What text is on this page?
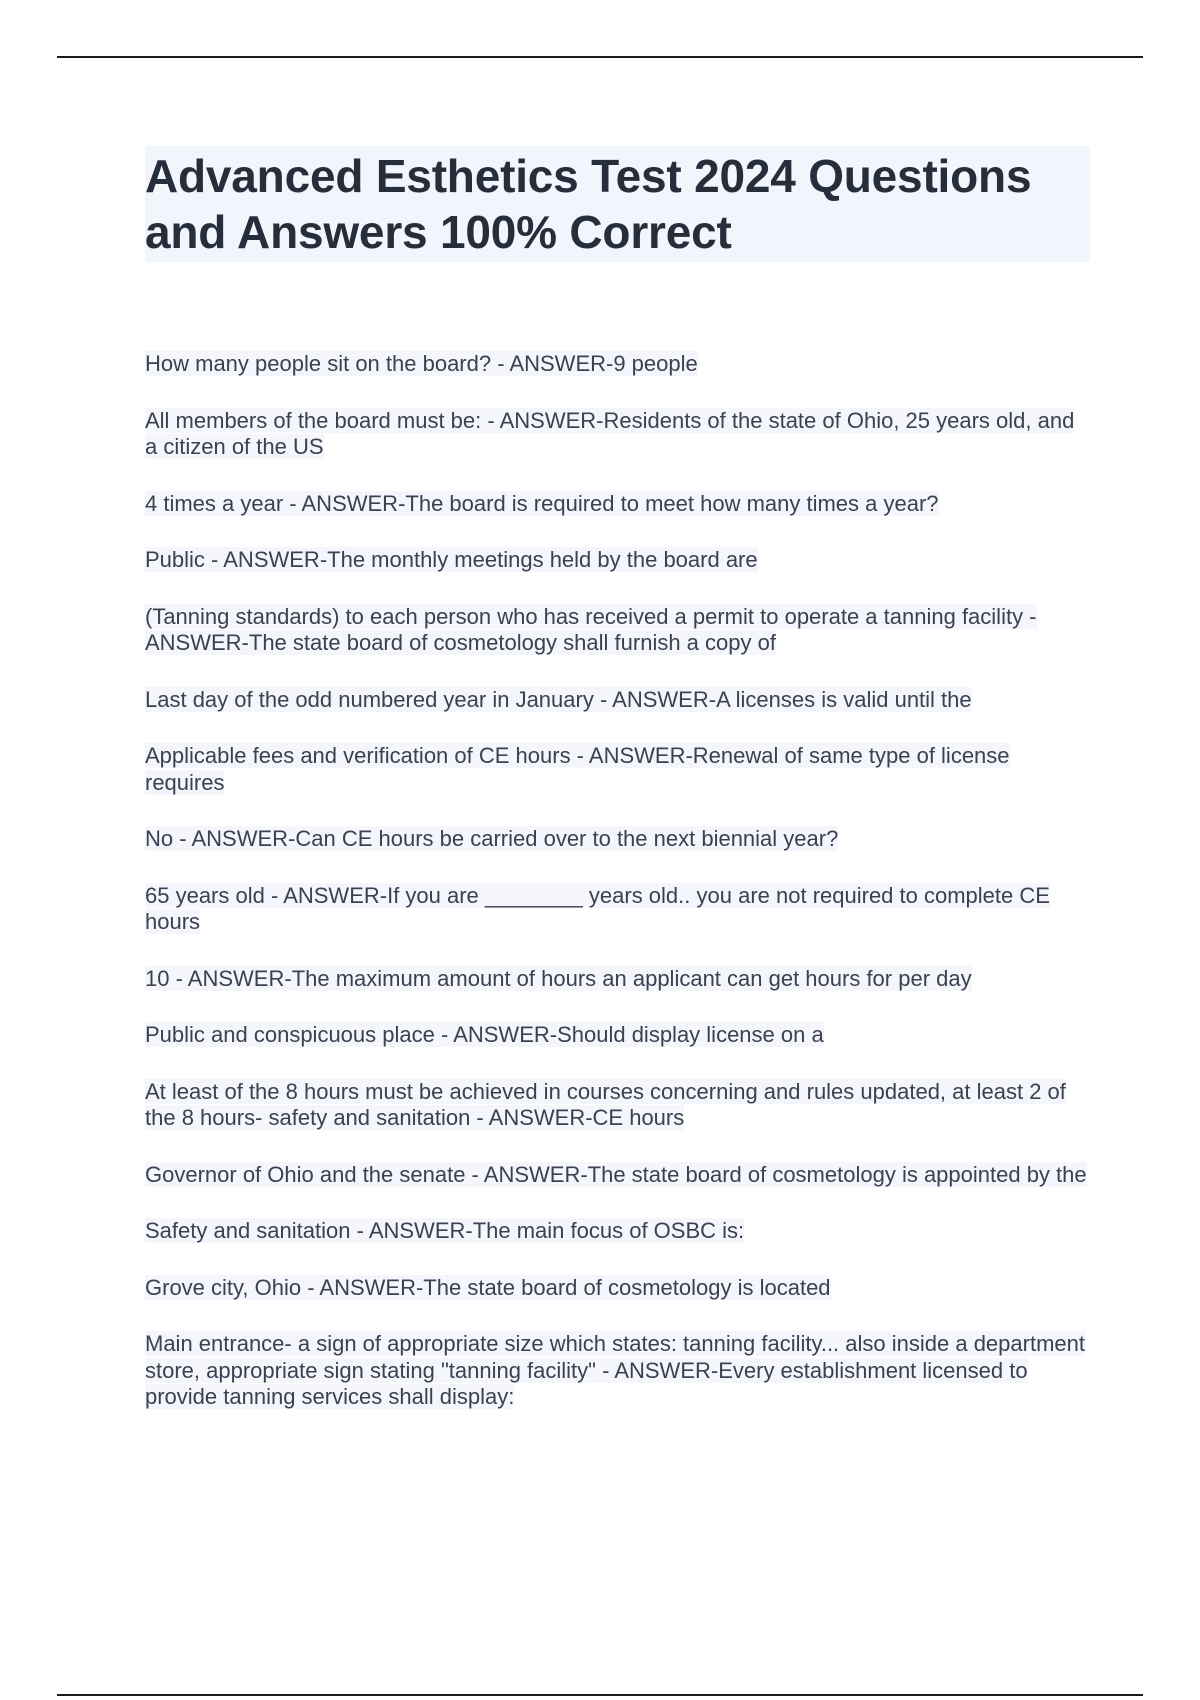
Advanced Esthetics Test 2024 Questions and Answers 100% Correct
How many people sit on the board? - ANSWER-9 people
All members of the board must be: - ANSWER-Residents of the state of Ohio, 25 years old, and a citizen of the US
4 times a year - ANSWER-The board is required to meet how many times a year?
Public - ANSWER-The monthly meetings held by the board are
(Tanning standards) to each person who has received a permit to operate a tanning facility - ANSWER-The state board of cosmetology shall furnish a copy of
Last day of the odd numbered year in January - ANSWER-A licenses is valid until the
Applicable fees and verification of CE hours - ANSWER-Renewal of same type of license requires
No - ANSWER-Can CE hours be carried over to the next biennial year?
65 years old - ANSWER-If you are ________ years old.. you are not required to complete CE hours
10 - ANSWER-The maximum amount of hours an applicant can get hours for per day
Public and conspicuous place - ANSWER-Should display license on a
At least of the 8 hours must be achieved in courses concerning and rules updated, at least 2 of the 8 hours- safety and sanitation - ANSWER-CE hours
Governor of Ohio and the senate - ANSWER-The state board of cosmetology is appointed by the
Safety and sanitation - ANSWER-The main focus of OSBC is:
Grove city, Ohio - ANSWER-The state board of cosmetology is located
Main entrance- a sign of appropriate size which states: tanning facility... also inside a department store, appropriate sign stating "tanning facility" - ANSWER-Every establishment licensed to provide tanning services shall display:
